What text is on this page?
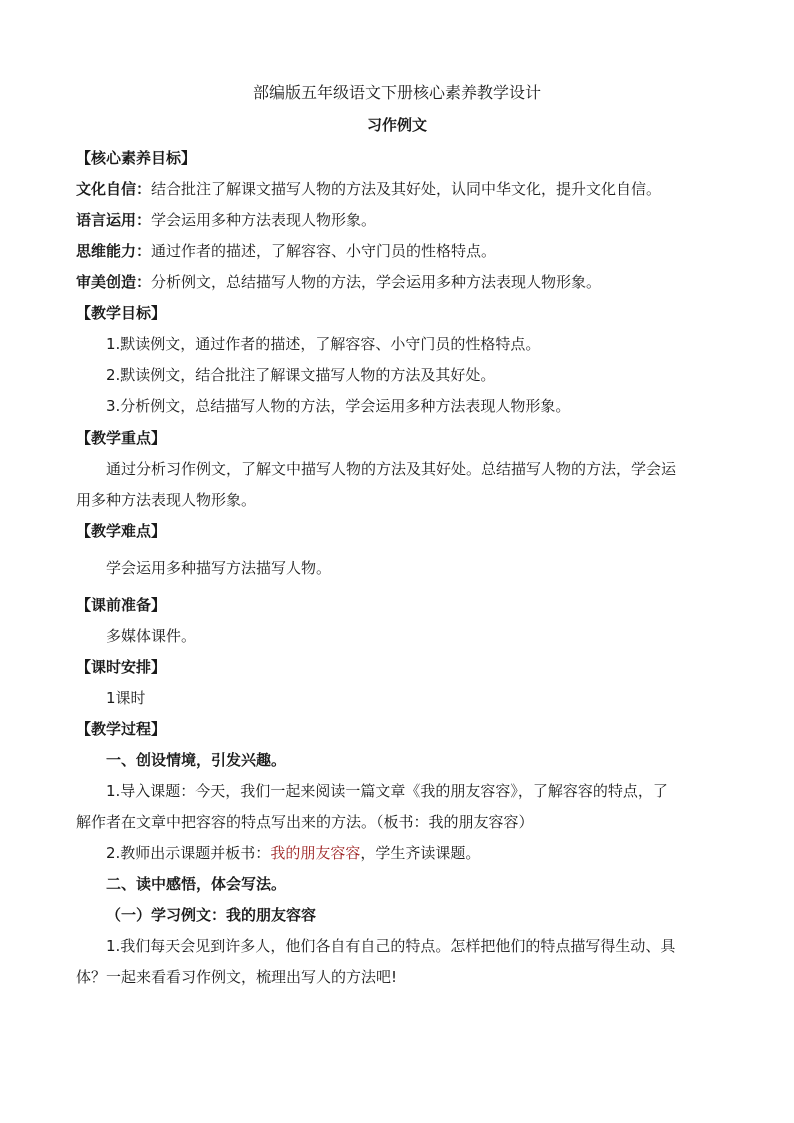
部编版五年级语文下册核心素养教学设计
习作例文
【核心素养目标】
文化自信：结合批注了解课文描写人物的方法及其好处，认同中华文化，提升文化自信。
语言运用：学会运用多种方法表现人物形象。
思维能力：通过作者的描述，了解容容、小守门员的性格特点。
审美创造：分析例文，总结描写人物的方法，学会运用多种方法表现人物形象。
【教学目标】
1.默读例文，通过作者的描述，了解容容、小守门员的性格特点。
2.默读例文，结合批注了解课文描写人物的方法及其好处。
3.分析例文，总结描写人物的方法，学会运用多种方法表现人物形象。
【教学重点】
通过分析习作例文，了解文中描写人物的方法及其好处。总结描写人物的方法，学会运
用多种方法表现人物形象。
【教学难点】
学会运用多种描写方法描写人物。
【课前准备】
多媒体课件。
【课时安排】
1课时
【教学过程】
一、创设情境，引发兴趣。
1.导入课题：今天，我们一起来阅读一篇文章《我的朋友容容》，了解容容的特点，了
解作者在文章中把容容的特点写出来的方法。（板书：我的朋友容容）
2.教师出示课题并板书：我的朋友容容，学生齐读课题。
二、读中感悟，体会写法。
（一）学习例文：我的朋友容容
1.我们每天会见到许多人，他们各自有自己的特点。怎样把他们的特点描写得生动、具
体？一起来看看习作例文，梳理出写人的方法吧!
